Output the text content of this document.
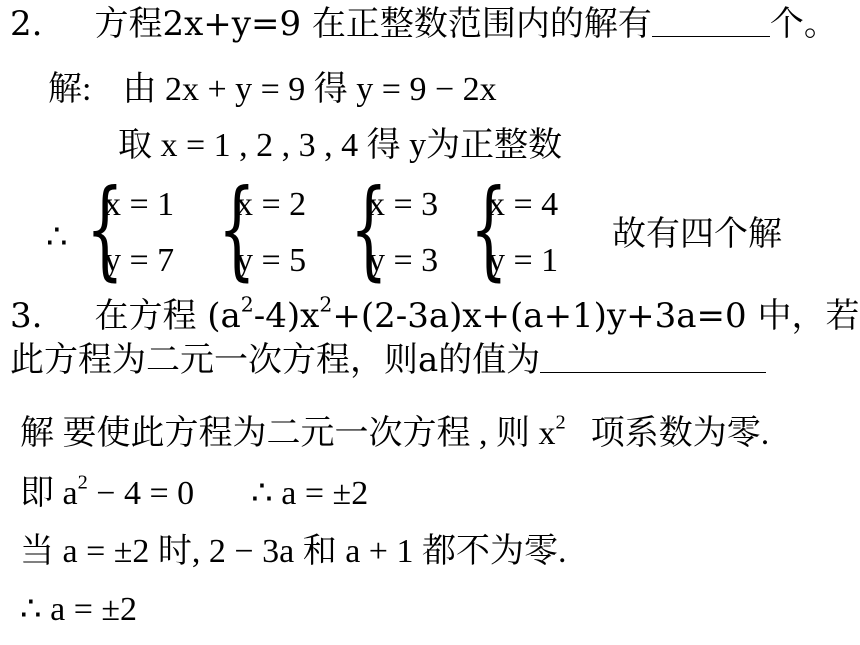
2. 方程2x+y=9 在正整数范围内的解有	个。
解: 由 2x + y = 9 得 y = 9 − 2x
取 x = 1 , 2 , 3 , 4 得 y为正整数
∴ {
x = 1
y = 7 {
x = 2
y = 5 {
x = 3
y = 3 {
x = 4
y = 1
故有四个解
3. 在方程 $(a^2-4)x^2+(2-3a)x+(a+1)y+3a=0$ 中，若
此方程为二元一次方程，则a的值为
解 要使此方程为二元一次方程 , 则 $x^2$ 项系数为零.
即 $a^2 - 4 = 0$ ∴ a = ±2
当 a = ±2 时, 2 − 3a 和 a + 1 都不为零.
∴ a = ±2
